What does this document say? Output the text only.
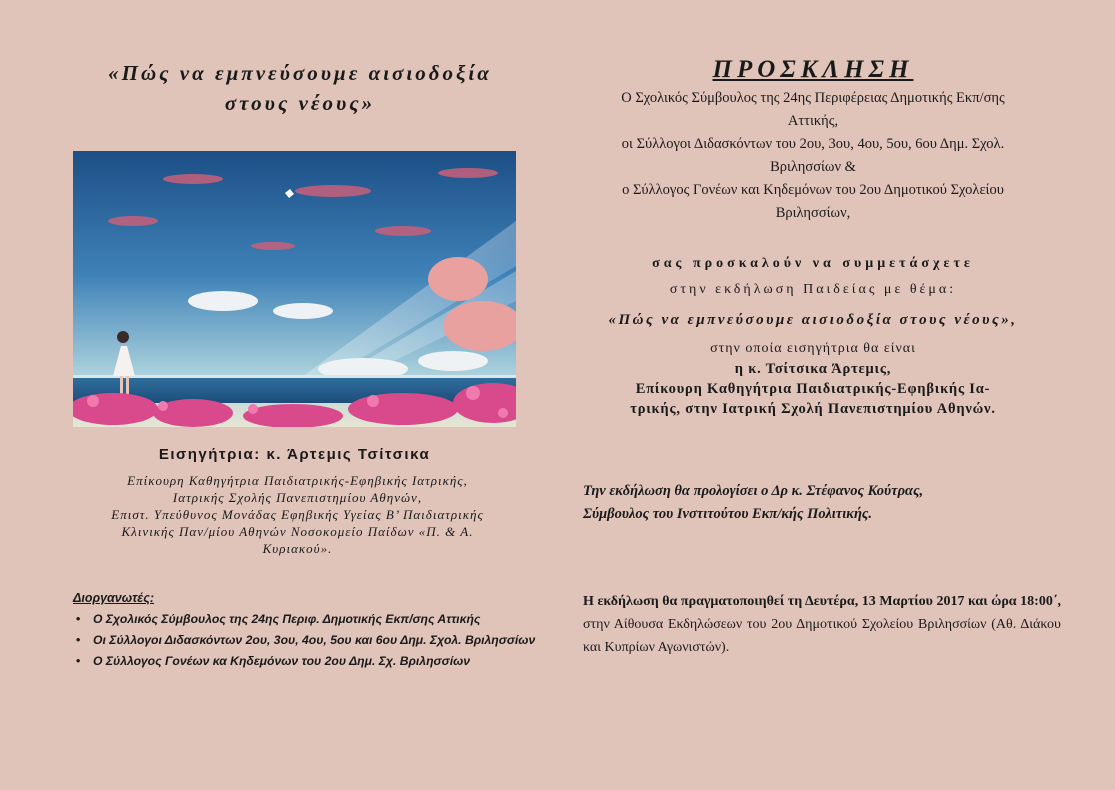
«Πώς να εμπνεύσουμε αισιοδοξία
στους νέους»
Εισηγήτρια: κ. Άρτεμις Τσίτσικα
Επίκουρη Καθηγήτρια Παιδιατρικής-Εφηβικής Ιατρικής,
Ιατρικής Σχολής Πανεπιστημίου Αθηνών,
Επιστ. Υπεύθυνος Μονάδας Εφηβικής Υγείας Β’ Παιδιατρικής
Κλινικής Παν/μίου Αθηνών Νοσοκομείο Παίδων «Π. & Α.
Κυριακού».
Διοργανωτές:
• Ο Σχολικός Σύμβουλος της 24ης Περιφ. Δημοτικής Εκπ/σης Αττικής
• Οι Σύλλογοι Διδασκόντων 2ου, 3ου, 4ου, 5ου και 6ου Δημ. Σχολ. Βριλησσίων
• Ο Σύλλογος Γονέων κα Κηδεμόνων του 2ου Δημ. Σχ. Βριλησσίων
ΠΡΟΣΚΛΗΣΗ
Ο Σχολικός Σύμβουλος της 24ης Περιφέρειας Δημοτικής Εκπ/σης
Αττικής,
οι Σύλλογοι Διδασκόντων του 2ου, 3ου, 4ου, 5ου, 6ου Δημ. Σχολ.
Βριλησσίων &
ο Σύλλογος Γονέων και Κηδεμόνων του 2ου Δημοτικού Σχολείου
Βριλησσίων,
σας προσκαλούν να συμμετάσχετε
στην εκδήλωση Παιδείας με θέμα:
«Πώς να εμπνεύσουμε αισιοδοξία στους νέους»,
στην οποία εισηγήτρια θα είναι
η κ. Τσίτσικα Άρτεμις,
Επίκουρη Καθηγήτρια Παιδιατρικής-Εφηβικής Ια-
τρικής, στην Ιατρική Σχολή Πανεπιστημίου Αθηνών.
Την εκδήλωση θα προλογίσει ο Δρ κ. Στέφανος Κούτρας,
Σύμβουλος του Ινστιτούτου Εκπ/κής Πολιτικής.
Η εκδήλωση θα πραγματοποιηθεί τη Δευτέρα, 13 Μαρτίου 2017 και ώρα 18:00΄, στην Αίθουσα Εκδηλώσεων του 2ου Δημοτικού Σχολείου Βριλησσίων (Αθ. Διάκου και Κυπρίων Αγωνιστών).
